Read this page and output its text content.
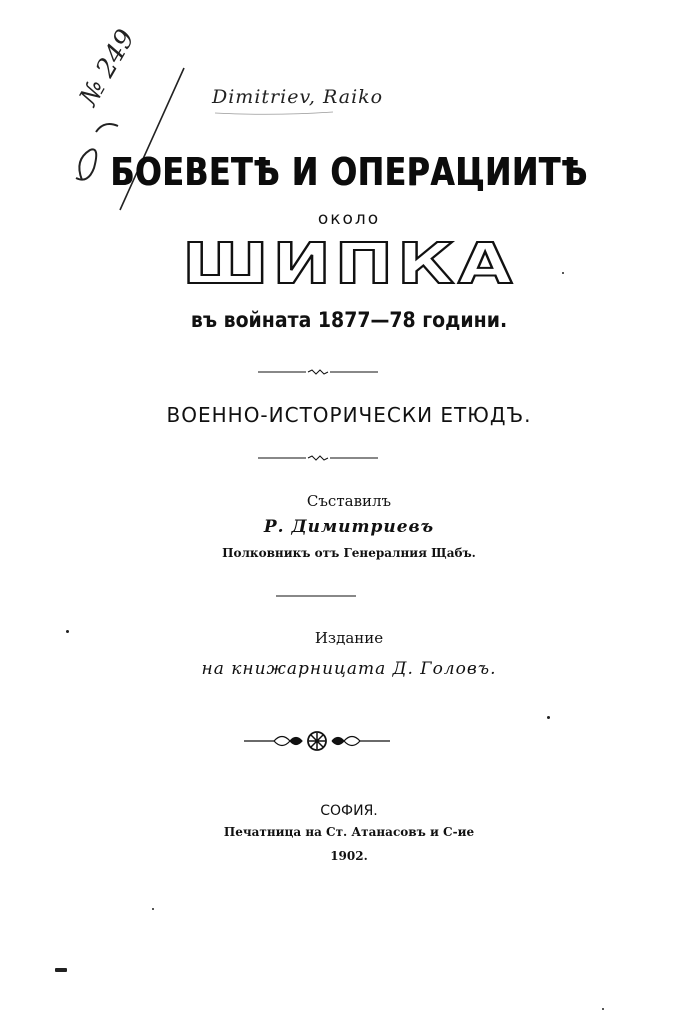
№ 249	Dimitriev, Raiko
БОЕВЕТѢ И ОПЕРАЦИИТѢ
около
ШИПКА
въ войната 1877—78 години.
ВОЕННО-ИСТОРИЧЕСКИ ЕТЮДЪ.
Съставилъ
Р. Димитриевъ
Полковникъ отъ Генералния Щабъ.
Издание
на книжарницата Д. Головъ.
СОФИЯ.
Печатница на Ст. Атанасовъ и С-ие
1902.
